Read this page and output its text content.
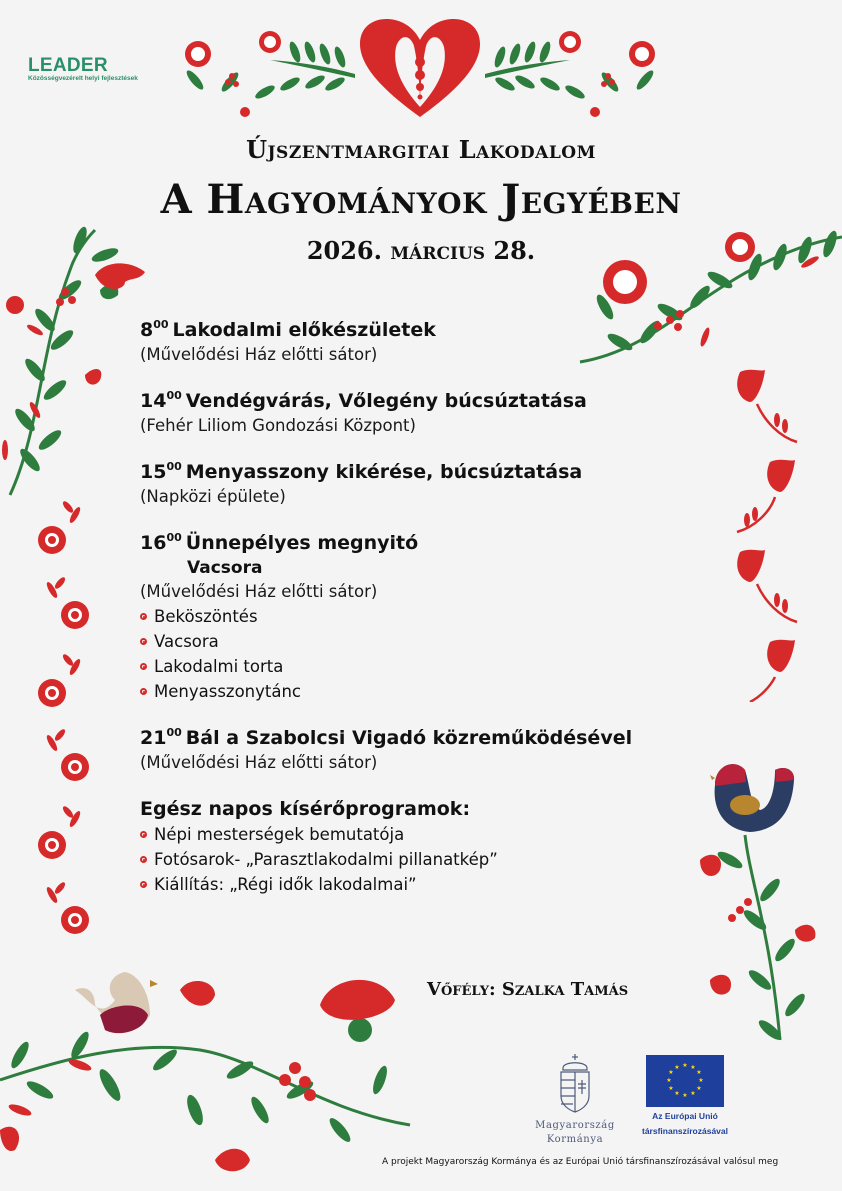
LEADER
Közösségvezérelt helyi fejlesztések
Újszentmargitai Lakodalom
A Hagyományok Jegyében
2026. március 28.
$8^{00}$ Lakodalmi előkészületek
(Művelődési Ház előtti sátor)
$14^{00}$ Vendégvárás, Vőlegény búcsúztatása
(Fehér Liliom Gondozási Központ)
$15^{00}$ Menyasszony kikérése, búcsúztatása
(Napközi épülete)
$16^{00}$ Ünnepélyes megnyitó
Vacsora
(Művelődési Ház előtti sátor)
Beköszöntés
Vacsora
Lakodalmi torta
Menyasszonytánc
$21^{00}$ Bál a Szabolcsi Vigadó közreműködésével
(Művelődési Ház előtti sátor)
Egész napos kísérőprogramok:
Népi mesterségek bemutatója
Fotósarok- „Parasztlakodalmi pillanatkép”
Kiállítás: „Régi idők lakodalmai”
Vőfély: Szalka Tamás
Magyarország
Kormánya
★ ★
★
★
★
★
★
★
★
★
★
★
Az Európai Unió
társfinanszírozásával
A projekt Magyarország Kormánya és az Európai Unió társfinanszírozásával valósul meg
